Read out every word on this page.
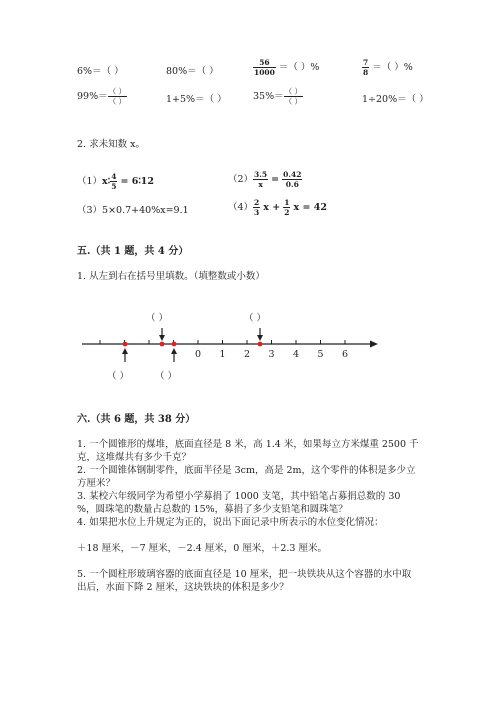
6%＝（ ）	80%＝（ ）	$\frac{56}{1000}$ ＝（ ）%	$\frac{7}{8}$ ＝（ ）%
$99\%= \frac{( )}{( )}$	1+5%＝（ ）	$35\%= \frac{( )}{( )}$	1÷20%＝（ ）
2. 求未知数 x。
（1）x∶ $\frac{4}{5}$ = 6∶12	$(2) \frac{3.5}{x} = \frac{0.42}{0.6}$
（3）5×0.7+40%x=9.1	$(4) \frac{2}{3}$ $x + \frac{1}{2}$ x = 42
五.（共 1 题，共 4 分）
1. 从左到右在括号里填数。（填整数或小数）
0 1 2 3 4 5 6
（ ）	（ ）
（ ）	（ ）
六.（共 6 题，共 38 分）
1. 一个圆锥形的煤堆，底面直径是 8 米，高 1.4 米，如果每立方米煤重 2500 千
克，这堆煤共有多少千克？
2. 一个圆锥体钢制零件，底面半径是 3cm，高是 2m，这个零件的体积是多少立
方厘米？
3. 某校六年级同学为希望小学募捐了 1000 支笔，其中铅笔占募捐总数的 30
%，圆珠笔的数量占总数的 15%，募捐了多少支铅笔和圆珠笔？
4. 如果把水位上升规定为正的，说出下面记录中所表示的水位变化情况：
＋18 厘米，－7 厘米，－2.4 厘米，0 厘米，＋2.3 厘米。
5. 一个圆柱形玻璃容器的底面直径是 10 厘米，把一块铁块从这个容器的水中取
出后，水面下降 2 厘米，这块铁块的体积是多少？
